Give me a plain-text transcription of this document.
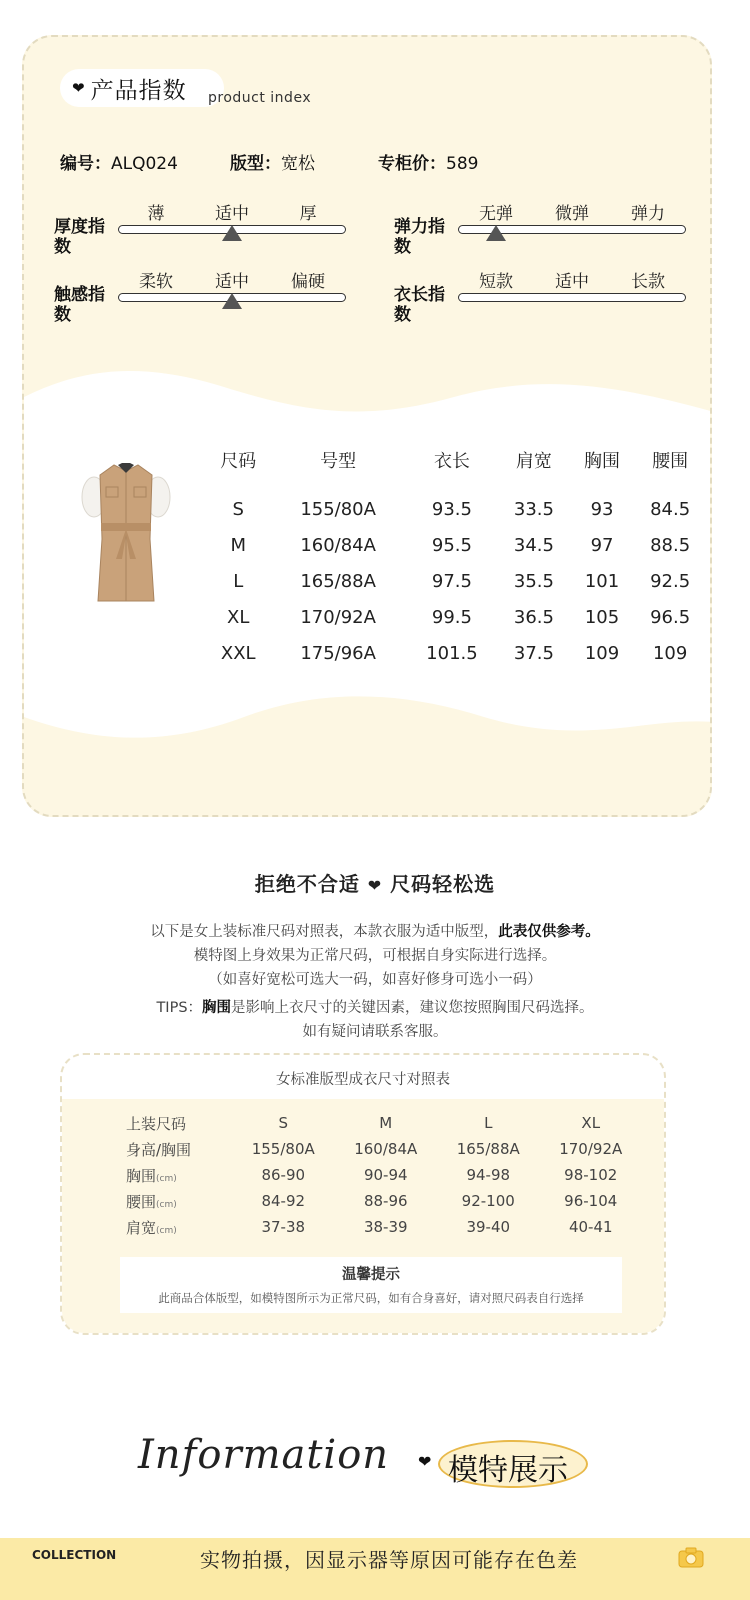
❤ 产品指数 product index
编号：ALQ024	版型：宽松	专柜价：589
薄	适中	厚
厚度指数
无弹 微弹 弹力
弹力指数
柔软 适中 偏硬
触感指数
短款 适中 长款
衣长指数
尺码	号型	衣长	肩宽	胸围	腰围
S	155/80A	93.5	33.5	93	84.5
M	160/84A	95.5	34.5	97	88.5
L	165/88A	97.5	35.5	101	92.5
XL	170/92A	99.5	36.5	105	96.5
XXL	175/96A	101.5	37.5	109	109
拒绝不合适 ❤ 尺码轻松选
以下是女上装标准尺码对照表，本款衣服为适中版型，此表仅供参考。
模特图上身效果为正常尺码，可根据自身实际进行选择。
（如喜好宽松可选大一码，如喜好修身可选小一码）
TIPS：胸围是影响上衣尺寸的关键因素，建议您按照胸围尺码选择。
如有疑问请联系客服。
女标准版型成衣尺寸对照表
上装尺码	S	M	L	XL
身高/胸围	155/80A	160/84A	165/88A	170/92A
胸围(cm)	86-90	90-94	94-98	98-102
腰围(cm)	84-92	88-96	92-100	96-104
肩宽(cm)	37-38	38-39	39-40	40-41
温馨提示
此商品合体版型，如模特图所示为正常尺码，如有合身喜好，请对照尺码表自行选择
Information ❤ 模特展示
COLLECTION	实物拍摄，因显示器等原因可能存在色差
